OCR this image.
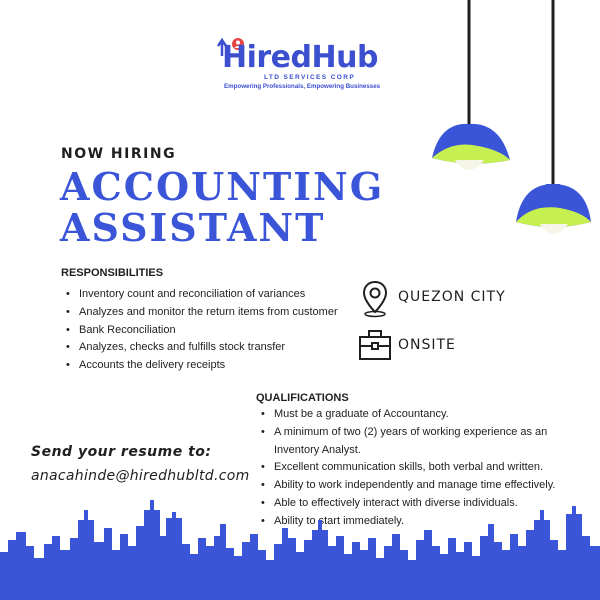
HiredHub
LTD SERVICES CORP
Empowering Professionals, Empowering Businesses
NOW HIRING
ACCOUNTING
ASSISTANT
RESPONSIBILITIES
• Inventory count and reconciliation of variances
• Analyzes and monitor the return items from customer
• Bank Reconciliation
• Analyzes, checks and fulfills stock transfer
• Accounts the delivery receipts
QUEZON CITY
ONSITE
QUALIFICATIONS
• Must be a graduate of Accountancy.
• A minimum of two (2) years of working experience as an
Inventory Analyst.
• Excellent communication skills, both verbal and written.
• Ability to work independently and manage time effectively.
• Able to effectively interact with diverse individuals.
• Ability to start immediately.
Send your resume to:
anacahinde@hiredhubltd.com
